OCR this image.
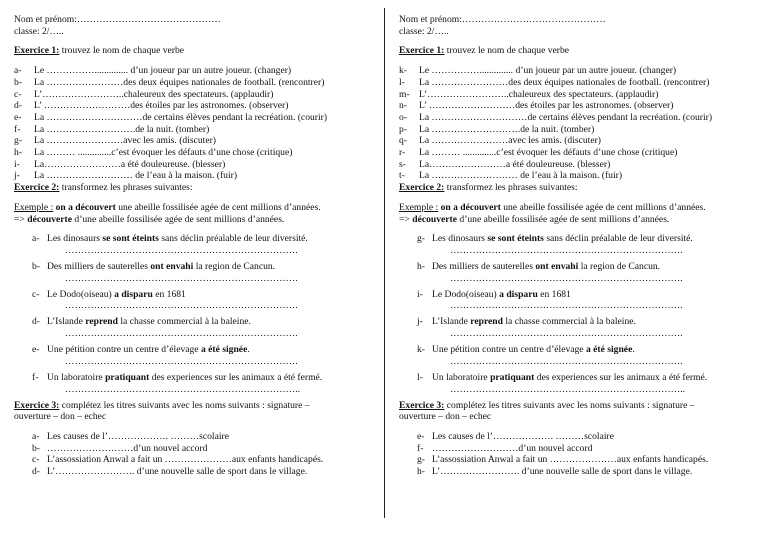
Nom et prénom:………………………………………
classe: 2/…..
Exercice 1: trouvez le nom de chaque verbe
a-	Le …………….............. d’un joueur par un autre joueur. (changer)
b-	La ……………………des deux équipes nationales de football. (rencontrer)
c-	L’……………………..chaleureux des spectateurs. (applaudir)
d-	L’ ………………………des étoiles par les astronomes. (observer)
e-	La …………………………de certains élèves pendant la recréation. (courir)
f-	La ……………………….de la nuit. (tomber)
g-	La ……………………avec les amis. (discuter)
h-	La ……… ..............c’est évoquer les défauts d’une chose (critique)
i-	La……………………a été douleureuse. (blesser)
j-	La ……………………… de l’eau à la maison. (fuir)
Exercice 2: transformez les phrases suivantes:
Exemple : on a découvert une abeille fossilisée agée de cent millions d’années.
=> découverte d’une abeille fossilisée agée de sent millions d’années.
a- Les dinosaurs se sont éteints sans déclin préalable de leur diversité.
……………………………………………………………….
b- Des milliers de sauterelles ont envahi la region de Cancun.
……………………………………………………………….
c- Le Dodo(oiseau) a disparu en 1681
……………………………………………………………….
d- L’Islande reprend la chasse commercial à la baleine.
……………………………………………………………….
e- Une pétition contre un centre d’élevage a été signée.
……………………………………………………………….
f- Un laboratoire pratiquant des experiences sur les animaux a été fermé.
………………………………………………………………..
Exercice 3: complétez les titres suivants avec les noms suivants : signature –
ouverture – don – echec
a- Les causes de l’………………. ………scolaire
b- ………………………d’un nouvel accord
c- L’assossiation Anwal a fait un …………………aux enfants handicapés.
d- L’……………………. d’une nouvelle salle de sport dans le village.
Nom et prénom:………………………………………
classe: 2/…..
Exercice 1: trouvez le nom de chaque verbe
k-	Le …………….............. d’un joueur par un autre joueur. (changer)
l-	La ……………………des deux équipes nationales de football. (rencontrer)
m- L’……………………..chaleureux des spectateurs. (applaudir)
n-	L’ ………………………des étoiles par les astronomes. (observer)
o-	La …………………………de certains élèves pendant la recréation. (courir)
p-	La ……………………….de la nuit. (tomber)
q-	La ……………………avec les amis. (discuter)
r-	La ……… ..............c’est évoquer les défauts d’une chose (critique)
s-	La……………………a été douleureuse. (blesser)
t-	La ……………………… de l’eau à la maison. (fuir)
Exercice 2: transformez les phrases suivantes:
Exemple : on a découvert une abeille fossilisée agée de cent millions d’années.
=> découverte d’une abeille fossilisée agée de sent millions d’années.
g- Les dinosaurs se sont éteints sans déclin préalable de leur diversité.
……………………………………………………………….
h- Des milliers de sauterelles ont envahi la region de Cancun.
……………………………………………………………….
i- Le Dodo(oiseau) a disparu en 1681
……………………………………………………………….
j- L’Islande reprend la chasse commercial à la baleine.
……………………………………………………………….
k- Une pétition contre un centre d’élevage a été signée.
……………………………………………………………….
l- Un laboratoire pratiquant des experiences sur les animaux a été fermé.
………………………………………………………………..
Exercice 3: complétez les titres suivants avec les noms suivants : signature –
ouverture – don – echec
e- Les causes de l’………………. ………scolaire
f- ………………………d’un nouvel accord
g- L’assossiation Anwal a fait un …………………aux enfants handicapés.
h- L’……………………. d’une nouvelle salle de sport dans le village.
